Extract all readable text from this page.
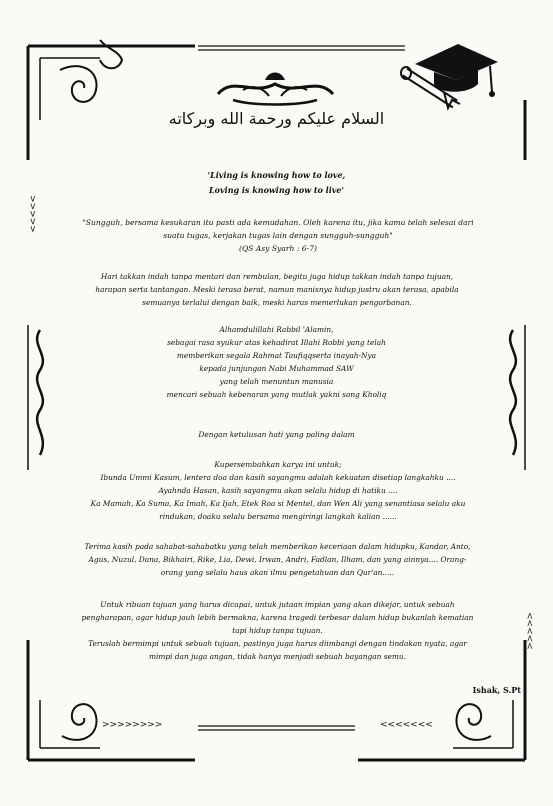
>>>>>
<<<<<
>>>>>>>>	<<<<<<<
السلام عليكم ورحمة الله وبركاته

'Living is knowing how to love,

Loving is knowing how to live'

"Sungguh, bersama kesukaran itu pasti ada kemudahan. Oleh karena itu, jika kamu telah selesai dari suatu tugas, kerjakan tugas lain dengan sungguh-sungguh"
(QS Asy Syarh : 6-7)

Hari takkan indah tanpa mentari dan rembulan, begitu juga hidup takkan indah tanpa tujuan, harapan serta tantangan. Meski terasa berat, namun manisnya hidup justru akan terasa, apabila semuanya terlalui dengan baik, meski harus memerlukan pengorbanan.

Alhamdulillahi Rabbil 'Alamin,

sebagai rasa syukur atas kehadirat Illahi Robbi yang telah

memberikan segala Rahmat Taufiqqserta inayah-Nya

kepada junjungan Nabi Muhammad SAW

yang telah menuntun manusia

mencari sebuah kebenaran yang mutlak yakni sang Kholiq

Dengan ketulusan hati yang paling dalam

Kupersembahkan karya ini untuk;

Ibunda Ummi Kasum, lentera doa dan kasih sayangmu adalah kekuatan disetiap langkahku ....

Ayahnda Hasan, kasih sayangmu akan selalu hidup di hatiku ....

Ka Mamah, Ka Suma, Ka Imah, Ka Ijah, Etek Roa si Mentel, dan Wen Ali yang senantiasa selalu aku rindukan, doaku selalu bersama mengiringi langkah kalian ......

Terima kasih pada sahabat-sahabatku yang telah memberikan keceriaan dalam hidupku, Kandar, Anto, Agus, Nuzul, Dana, Bikhairi, Rike, Lia, Dewi, Irwan, Andri, Fadlan, Ilham, dan yang ainnya.... Orang-orang yang selalu haus akan ilmu pengetahuan dan Qur'an.....

Untuk ribuan tujuan yang harus dicapai, untuk jutaan impian yang akan dikejar, untuk sebuah pengharapan, agar hidup jauh lebih bermakna, karena tragedi terbesar dalam hidup bukanlah kematian tapi hidup tanpa tujuan.

Teruslah bermimpi untuk sebuah tujuan, pastinya juga harus diimbangi dengan tindakan nyata, agar mimpi dan juga angan, tidak hanya menjadi sebuah bayangan semu.

Ishak, S.Pt
